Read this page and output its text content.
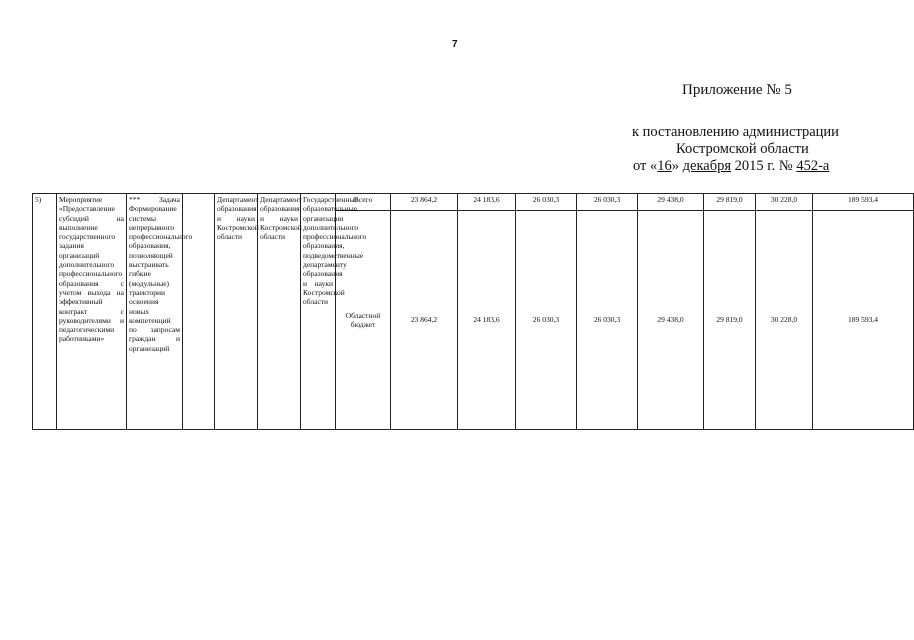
7
Приложение № 5
к постановлению администрации
Костромской области
от «16» декабря 2015 г. № 452-а
5)	Мероприятие «Предоставление субсидий на выполнение государственного задания организаций дополнительного профессионального образования с учетом выхода на эффективный контракт с руководителями и педагогическими работниками»	*** Задача Формирование системы непрерывного профессионального образования, позволяющей выстраивать гибкие (модульные) траектории освоения новых компетенций по запросам граждан и организаций		Департамент образования и науки Костромской области	Департамент образования и науки Костромской области	Государственные образовательные организации дополнительного профессионального образования, подведомственные департаменту образования и науки Костромской области	Всего	23 864,2	24 183,6	26 030,3	26 030,3	29 438,0	29 819,0	30 228,0	189 593,4	
							Областной бюджет	23 864,2	24 183,6	26 030,3	26 030,3	29 438,0	29 819,0	30 228,0	189 593,4	
